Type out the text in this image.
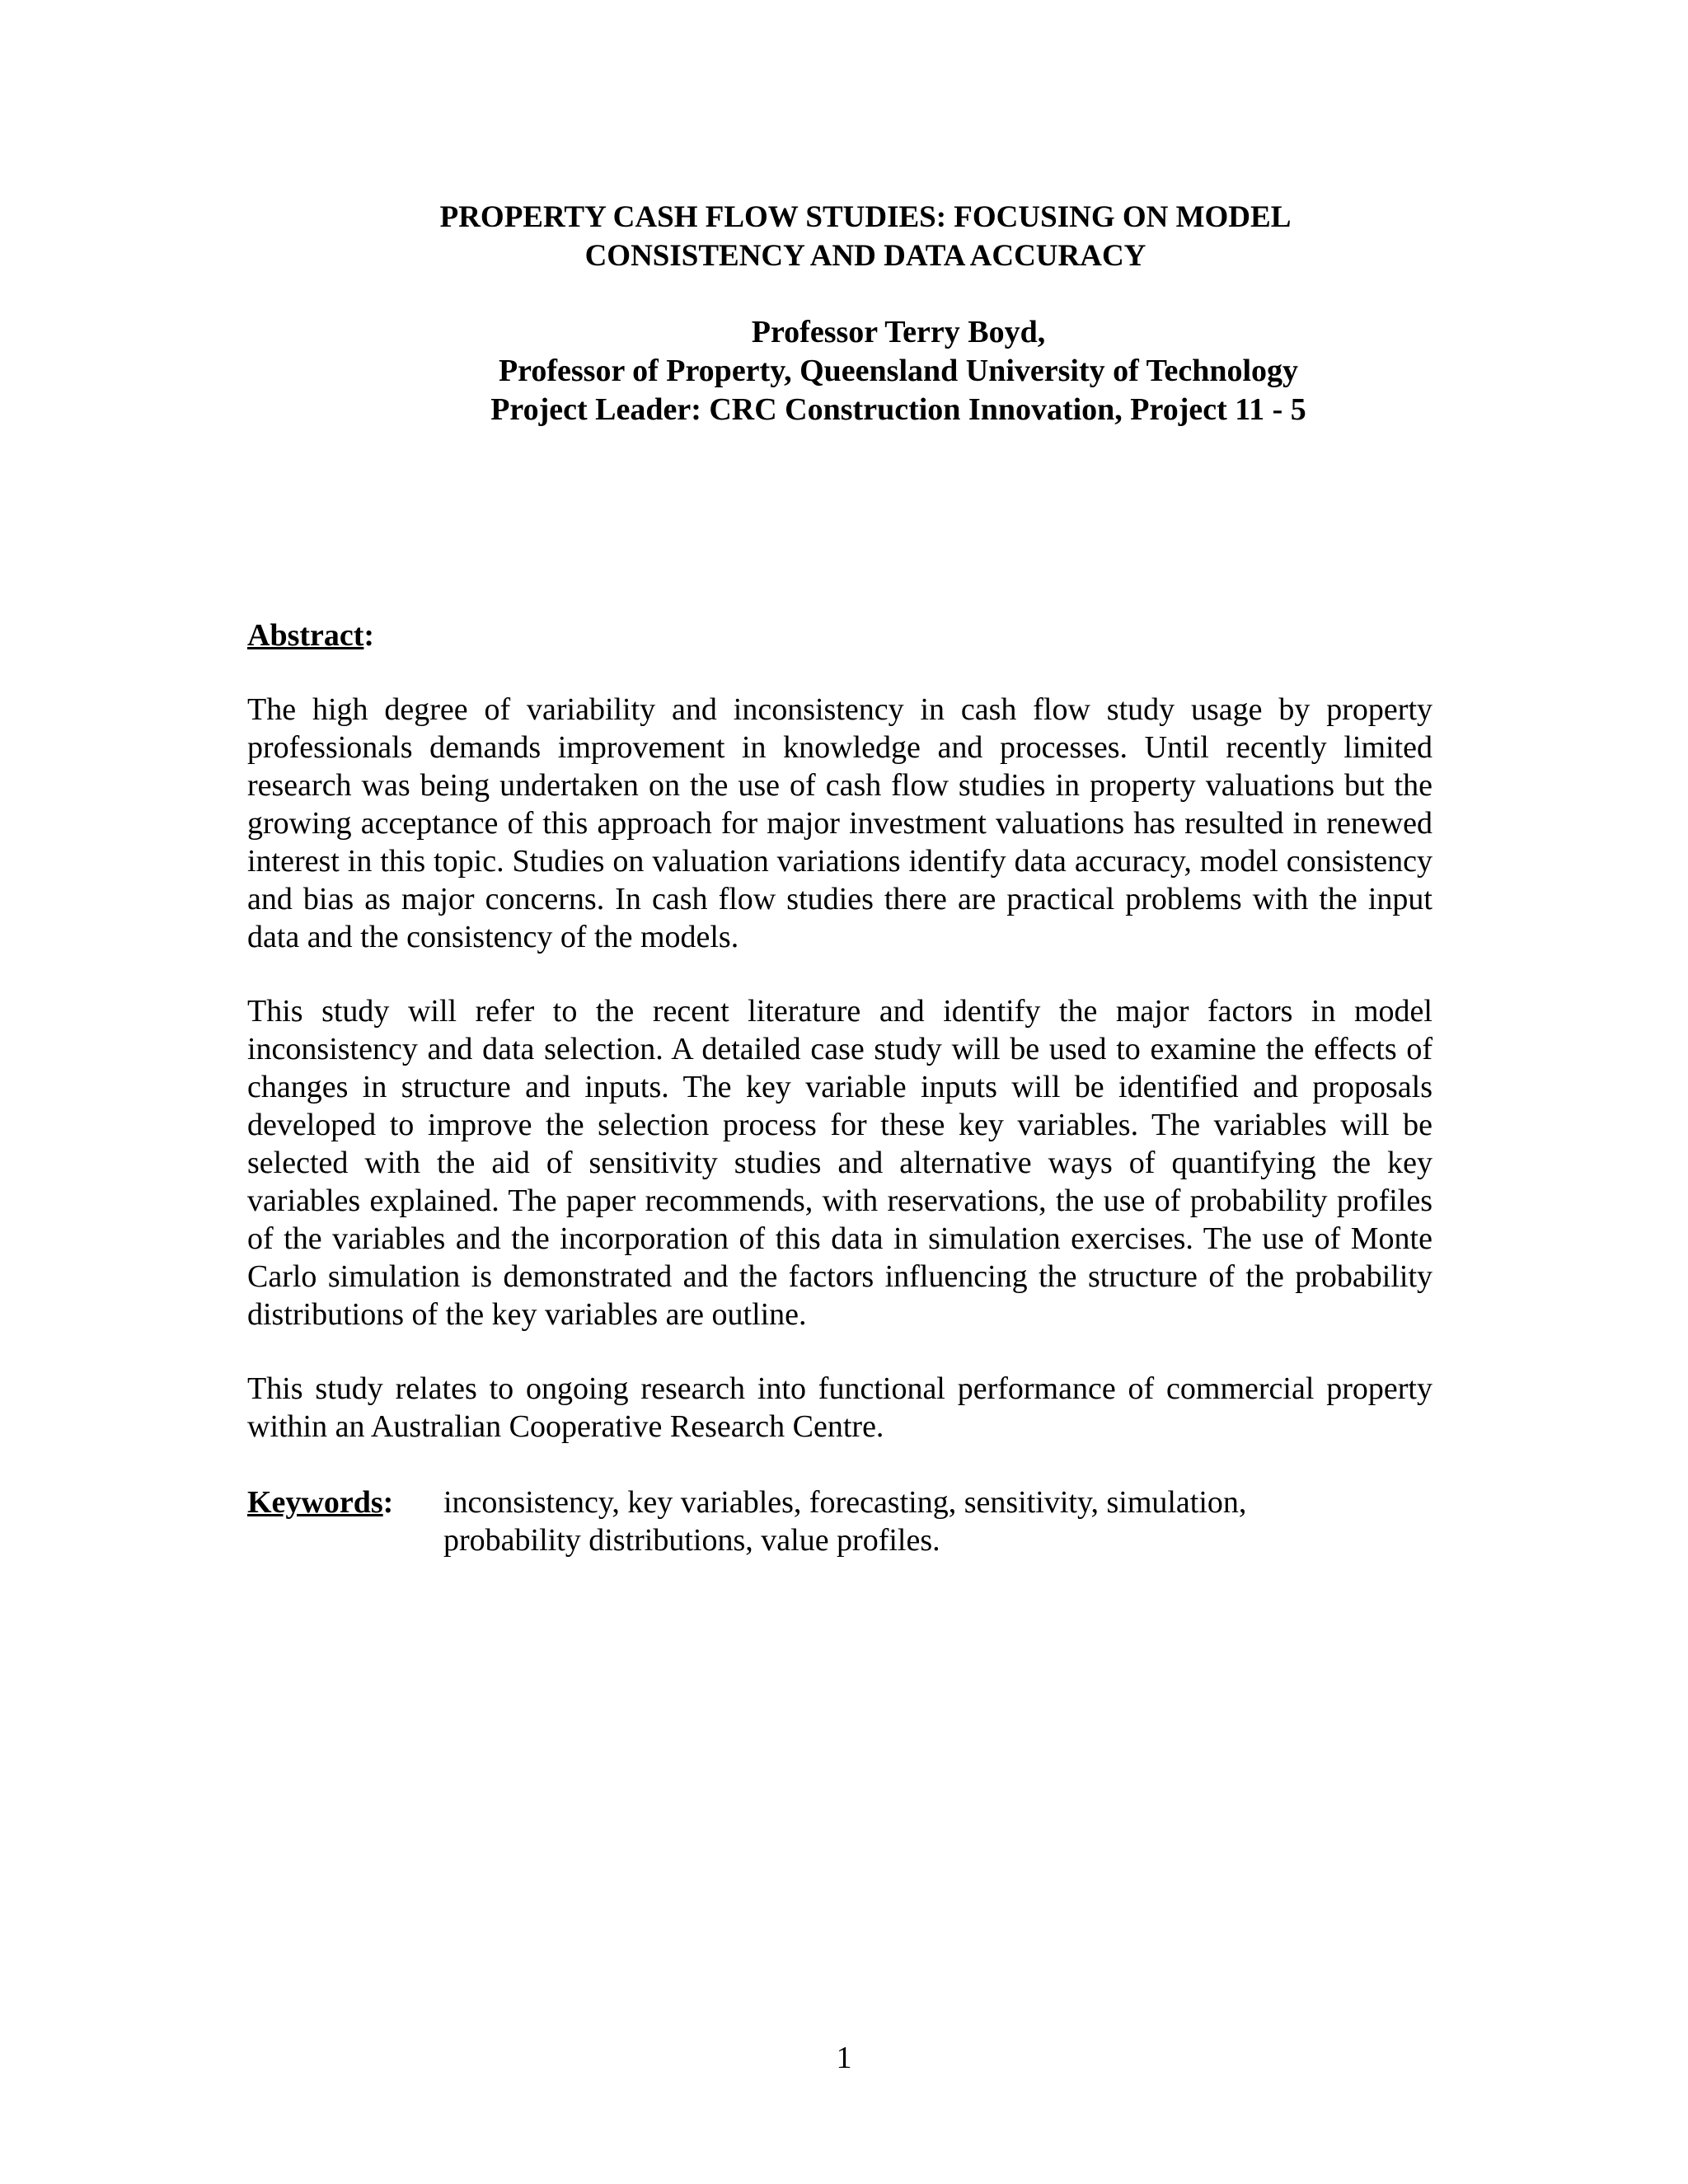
PROPERTY CASH FLOW STUDIES: FOCUSING ON MODEL
CONSISTENCY AND DATA ACCURACY
Professor Terry Boyd,
Professor of Property, Queensland University of Technology
Project Leader: CRC Construction Innovation, Project 11 - 5
Abstract:

The high degree of variability and inconsistency in cash flow study usage by property professionals demands improvement in knowledge and processes. Until recently limited research was being undertaken on the use of cash flow studies in property valuations but the growing acceptance of this approach for major investment valuations has resulted in renewed interest in this topic. Studies on valuation variations identify data accuracy, model consistency and bias as major concerns. In cash flow studies there are practical problems with the input data and the consistency of the models.

This study will refer to the recent literature and identify the major factors in model inconsistency and data selection. A detailed case study will be used to examine the effects of changes in structure and inputs. The key variable inputs will be identified and proposals developed to improve the selection process for these key variables. The variables will be selected with the aid of sensitivity studies and alternative ways of quantifying the key variables explained. The paper recommends, with reservations, the use of probability profiles of the variables and the incorporation of this data in simulation exercises. The use of Monte Carlo simulation is demonstrated and the factors influencing the structure of the probability distributions of the key variables are outline.

This study relates to ongoing research into functional performance of commercial property within an Australian Cooperative Research Centre.

Keywords: inconsistency, key variables, forecasting, sensitivity, simulation,
probability distributions, value profiles.
1
